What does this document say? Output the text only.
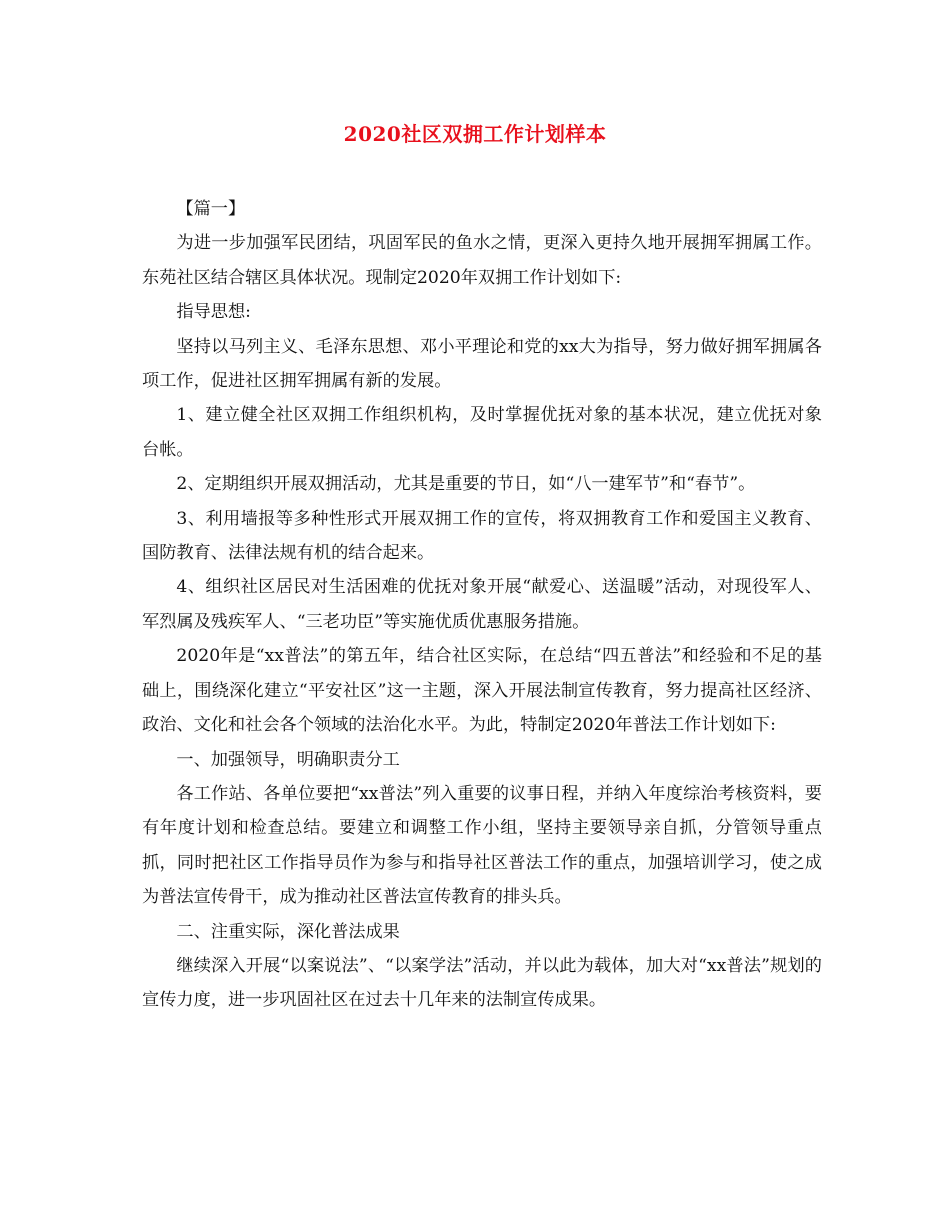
2020社区双拥工作计划样本

【篇一】

为进一步加强军民团结，巩固军民的鱼水之情，更深入更持久地开展拥军拥属工作。东苑社区结合辖区具体状况。现制定2020年双拥工作计划如下:

指导思想:

坚持以马列主义、毛泽东思想、邓小平理论和党的xx大为指导，努力做好拥军拥属各项工作，促进社区拥军拥属有新的发展。

1、建立健全社区双拥工作组织机构，及时掌握优抚对象的基本状况，建立优抚对象台帐。

2、定期组织开展双拥活动，尤其是重要的节日，如“八一建军节”和“春节”。

3、利用墙报等多种性形式开展双拥工作的宣传，将双拥教育工作和爱国主义教育、国防教育、法律法规有机的结合起来。

4、组织社区居民对生活困难的优抚对象开展“献爱心、送温暖”活动，对现役军人、军烈属及残疾军人、“三老功臣”等实施优质优惠服务措施。

2020年是“xx普法”的第五年，结合社区实际，在总结“四五普法”和经验和不足的基础上，围绕深化建立“平安社区”这一主题，深入开展法制宣传教育，努力提高社区经济、政治、文化和社会各个领域的法治化水平。为此，特制定2020年普法工作计划如下:

一、加强领导，明确职责分工

各工作站、各单位要把“xx普法”列入重要的议事日程，并纳入年度综治考核资料，要有年度计划和检查总结。要建立和调整工作小组，坚持主要领导亲自抓，分管领导重点抓，同时把社区工作指导员作为参与和指导社区普法工作的重点，加强培训学习，使之成为普法宣传骨干，成为推动社区普法宣传教育的排头兵。

二、注重实际，深化普法成果

继续深入开展“以案说法”、“以案学法”活动，并以此为载体，加大对“xx普法”规划的宣传力度，进一步巩固社区在过去十几年来的法制宣传成果。
